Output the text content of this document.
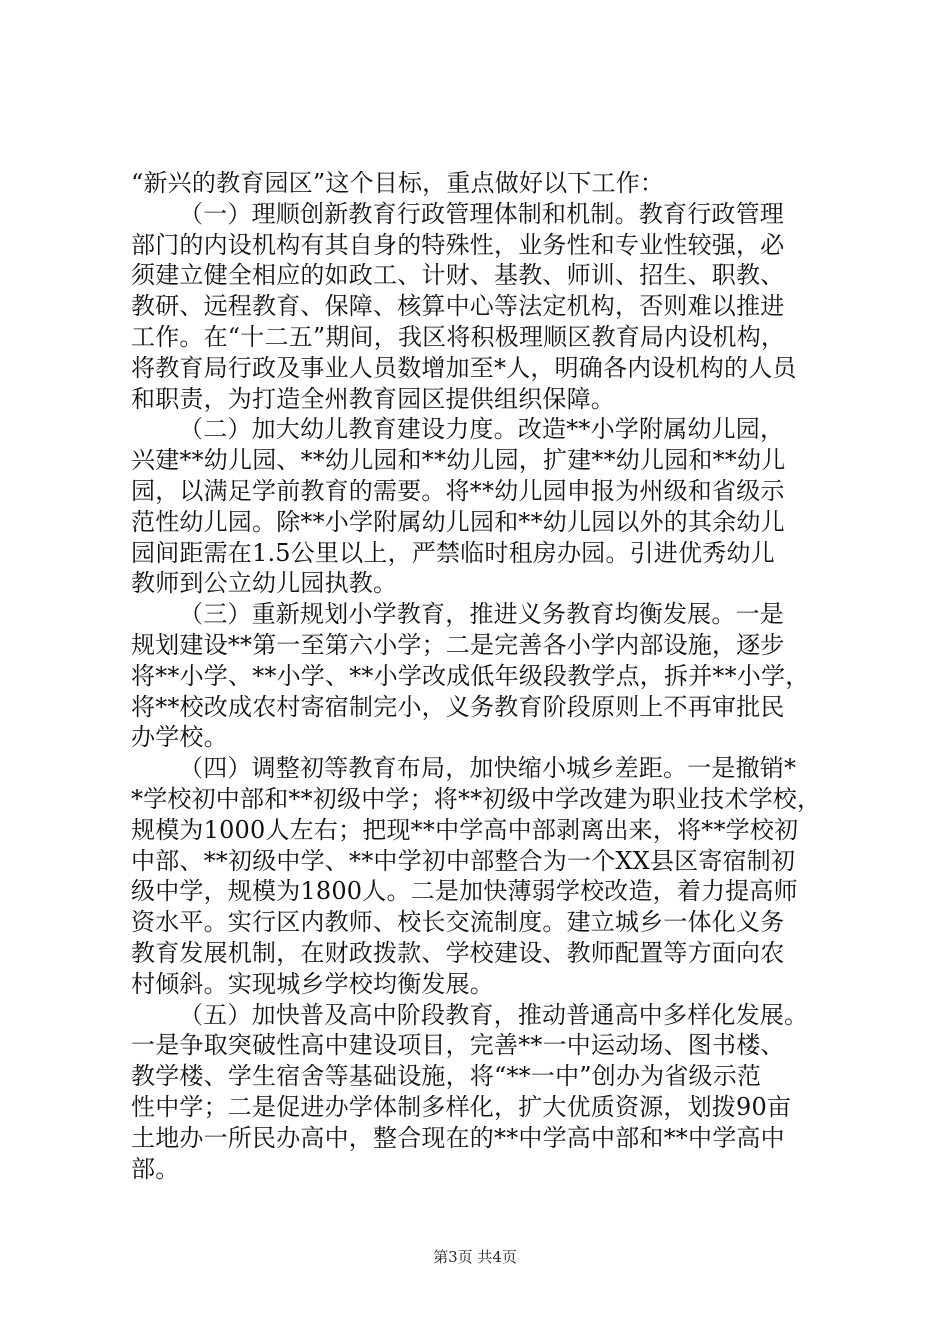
“新兴的教育园区”这个目标，重点做好以下工作：
（一）理顺创新教育行政管理体制和机制。教育行政管理
部门的内设机构有其自身的特殊性，业务性和专业性较强，必
须建立健全相应的如政工、计财、基教、师训、招生、职教、
教研、远程教育、保障、核算中心等法定机构，否则难以推进
工作。在“十二五”期间，我区将积极理顺区教育局内设机构，
将教育局行政及事业人员数增加至*人，明确各内设机构的人员
和职责，为打造全州教育园区提供组织保障。
（二）加大幼儿教育建设力度。改造**小学附属幼儿园，
兴建**幼儿园、**幼儿园和**幼儿园，扩建**幼儿园和**幼儿
园，以满足学前教育的需要。将**幼儿园申报为州级和省级示
范性幼儿园。除**小学附属幼儿园和**幼儿园以外的其余幼儿
园间距需在1.5公里以上，严禁临时租房办园。引进优秀幼儿
教师到公立幼儿园执教。
（三）重新规划小学教育，推进义务教育均衡发展。一是
规划建设**第一至第六小学；二是完善各小学内部设施，逐步
将**小学、**小学、**小学改成低年级段教学点，拆并**小学，
将**校改成农村寄宿制完小，义务教育阶段原则上不再审批民
办学校。
（四）调整初等教育布局，加快缩小城乡差距。一是撤销*
*学校初中部和**初级中学；将**初级中学改建为职业技术学校，
规模为1000人左右；把现**中学高中部剥离出来，将**学校初
中部、**初级中学、**中学初中部整合为一个XX县区寄宿制初
级中学，规模为1800人。二是加快薄弱学校改造，着力提高师
资水平。实行区内教师、校长交流制度。建立城乡一体化义务
教育发展机制，在财政拨款、学校建设、教师配置等方面向农
村倾斜。实现城乡学校均衡发展。
（五）加快普及高中阶段教育，推动普通高中多样化发展。
一是争取突破性高中建设项目，完善**一中运动场、图书楼、
教学楼、学生宿舍等基础设施，将“**一中”创办为省级示范
性中学；二是促进办学体制多样化，扩大优质资源，划拨90亩
土地办一所民办高中，整合现在的**中学高中部和**中学高中
部。
第3页 共4页
